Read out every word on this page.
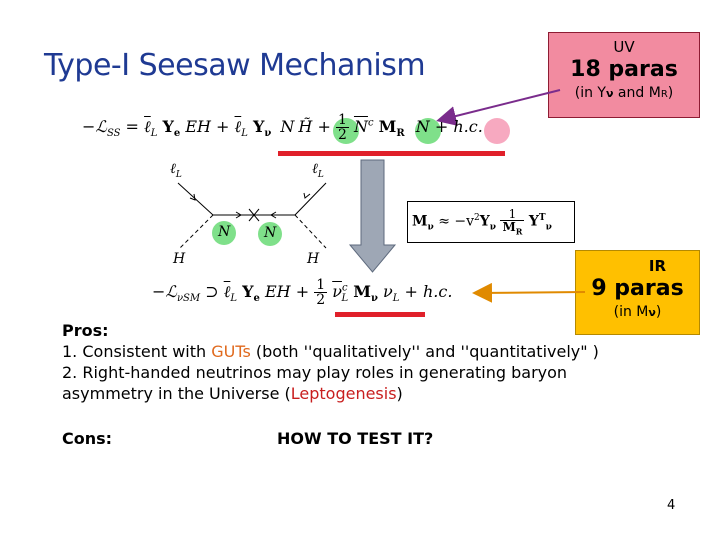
Type-I Seesaw Mechanism
UV
18 paras
(in Yν and MR)
IR
9 paras
(in Mν)
−ℒ$_{SS}$ = ℓ$_L$ $Y_e$ EH + ℓ$_L$ $Y_\nu$ N H̃ + $\frac{1}{2} \overline{N}^c$ $M_R$ N + h.c.
ℓ$_L$	ℓ$_L$
N N
H	H
$M_\nu \approx -v^2Y_\nu \frac{1}{M_R} Y^T_\nu$
−ℒ$_{\nu SM}$ ⊃ ℓ$_L$ $Y_e$ EH + $\frac{1}{2} \overline{\nu}^c_L$ $M_\nu$ $\nu_L + h.c$.
Pros:
1. Consistent with GUTs (both ''qualitatively'' and ''quantitatively" )
2. Right-handed neutrinos may play roles in generating baryon
asymmetry in the Universe (Leptogenesis)
Cons:	HOW TO TEST IT?
4
